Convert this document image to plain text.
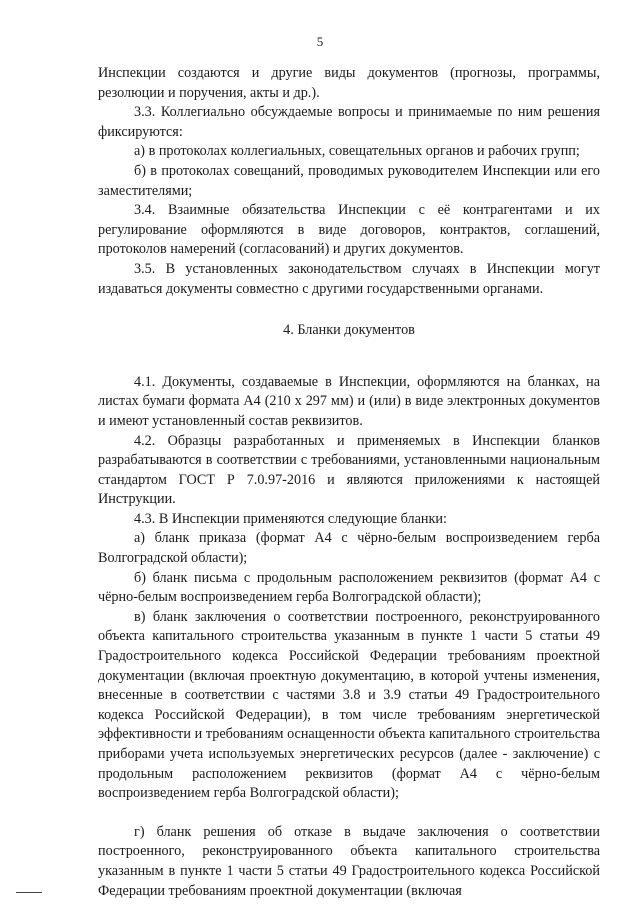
5

Инспекции создаются и другие виды документов (прогнозы, программы, резолюции и поручения, акты и др.).

3.3. Коллегиально обсуждаемые вопросы и принимаемые по ним решения фиксируются:

а) в протоколах коллегиальных, совещательных органов и рабочих групп;

б) в протоколах совещаний, проводимых руководителем Инспекции или его заместителями;

3.4. Взаимные обязательства Инспекции с её контрагентами и их регулирование оформляются в виде договоров, контрактов, соглашений, протоколов намерений (согласований) и других документов.

3.5. В установленных законодательством случаях в Инспекции могут издаваться документы совместно с другими государственными органами.

4. Бланки документов

4.1. Документы, создаваемые в Инспекции, оформляются на бланках, на листах бумаги формата А4 (210 х 297 мм) и (или) в виде электронных документов и имеют установленный состав реквизитов.

4.2. Образцы разработанных и применяемых в Инспекции бланков разрабатываются в соответствии с требованиями, установленными национальным стандартом ГОСТ Р 7.0.97-2016 и являются приложениями к настоящей Инструкции.

4.3. В Инспекции применяются следующие бланки:

а) бланк приказа (формат А4 с чёрно-белым воспроизведением герба Волгоградской области);

б) бланк письма с продольным расположением реквизитов (формат А4 с чёрно-белым воспроизведением герба Волгоградской области);

в) бланк заключения о соответствии построенного, реконструированного объекта капитального строительства указанным в пункте 1 части 5 статьи 49 Градостроительного кодекса Российской Федерации требованиям проектной документации (включая проектную документацию, в которой учтены изменения, внесенные в соответствии с частями 3.8 и 3.9 статьи 49 Градостроительного кодекса Российской Федерации), в том числе требованиям энергетической эффективности и требованиям оснащенности объекта капитального строительства приборами учета используемых энергетических ресурсов (далее - заключение) с продольным расположением реквизитов (формат А4 с чёрно-белым воспроизведением герба Волгоградской области);

г) бланк решения об отказе в выдаче заключения о соответствии построенного, реконструированного объекта капитального строительства указанным в пункте 1 части 5 статьи 49 Градостроительного кодекса Российской Федерации требованиям проектной документации (включая
